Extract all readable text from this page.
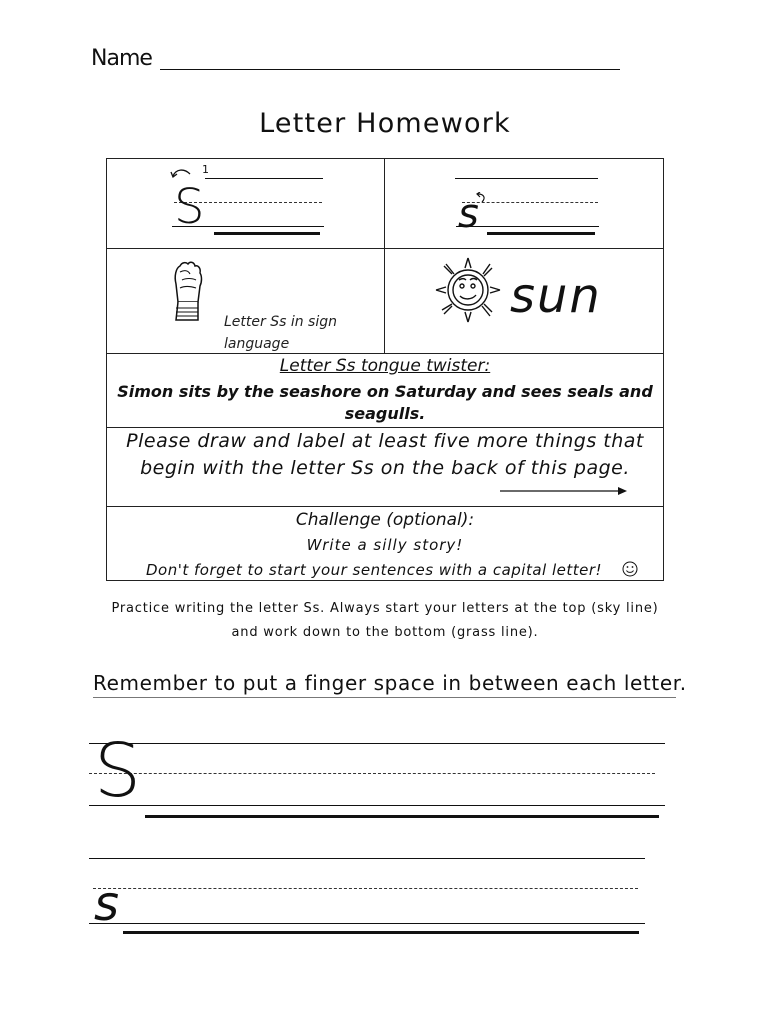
Name
Letter Homework
1
S	s
Letter Ss in sign
language
sun
Letter Ss tongue twister:
Simon sits by the seashore on Saturday and sees seals and
seagulls.
Please draw and label at least five more things that
begin with the letter Ss on the back of this page.
Challenge (optional):
Write a silly story!
Don't forget to start your sentences with a capital letter!
Practice writing the letter Ss. Always start your letters at the top (sky line)
and work down to the bottom (grass line).
Remember to put a finger space in between each letter.
S
s
